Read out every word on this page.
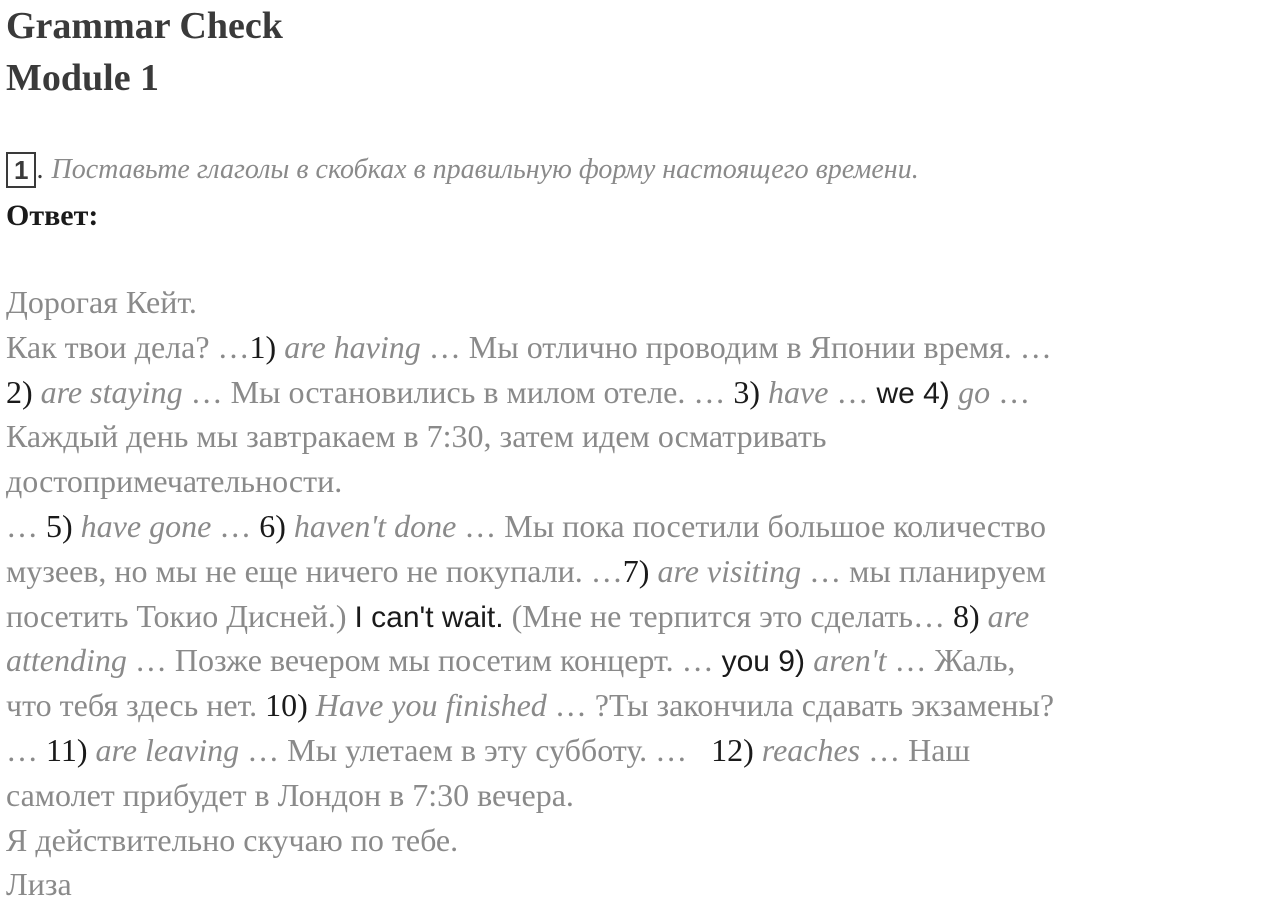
Grammar Check
Module 1
1 . Поставьте глаголы в скобках в правильную форму настоящего времени.
Ответ:
Дорогая Кейт.
Как твои дела? …1) are having … Мы отлично проводим в Японии время. …
2) are staying … Мы остановились в милом отеле. … 3) have … we 4) go …
Каждый день мы завтракаем в 7:30, затем идем осматривать
достопримечательности.
… 5) have gone … 6) haven't done … Мы пока посетили большое количество
музеев, но мы не еще ничего не покупали. …7) are visiting … мы планируем
посетить Токио Дисней.) I can't wait. (Мне не терпится это сделать… 8) are
attending … Позже вечером мы посетим концерт. … you 9) aren't … Жаль,
что тебя здесь нет. 10) Have you finished … ?Ты закончила сдавать экзамены?
… 11) are leaving … Мы улетаем в эту субботу. …   12) reaches … Наш
самолет прибудет в Лондон в 7:30 вечера.
Я действительно скучаю по тебе.
Лиза
